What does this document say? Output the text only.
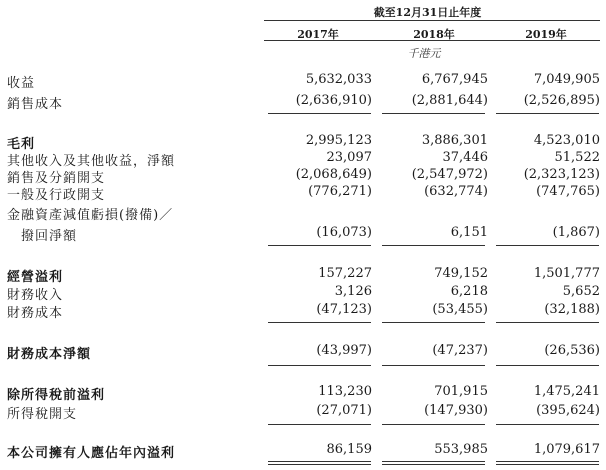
截至12月31日止年度
2017年	2018年	2019年
千港元
收益	5,632,033	6,767,945	7,049,905
銷售成本	(2,636,910)	(2,881,644)	(2,526,895)
毛利	2,995,123	3,886,301	4,523,010
其他收入及其他收益，淨額	23,097	37,446	51,522
銷售及分銷開支	(2,068,649)	(2,547,972)	(2,323,123)
一般及行政開支	(776,271)	(632,774)	(747,765)
金融資產減值虧損(撥備)／
　撥回淨額	(16,073)	6,151	(1,867)
經營溢利	157,227	749,152	1,501,777
財務收入	3,126	6,218	5,652
財務成本	(47,123)	(53,455)	(32,188)
財務成本淨額	(43,997)	(47,237)	(26,536)
除所得稅前溢利	113,230	701,915	1,475,241
所得稅開支	(27,071)	(147,930)	(395,624)
本公司擁有人應佔年內溢利	86,159	553,985	1,079,617
